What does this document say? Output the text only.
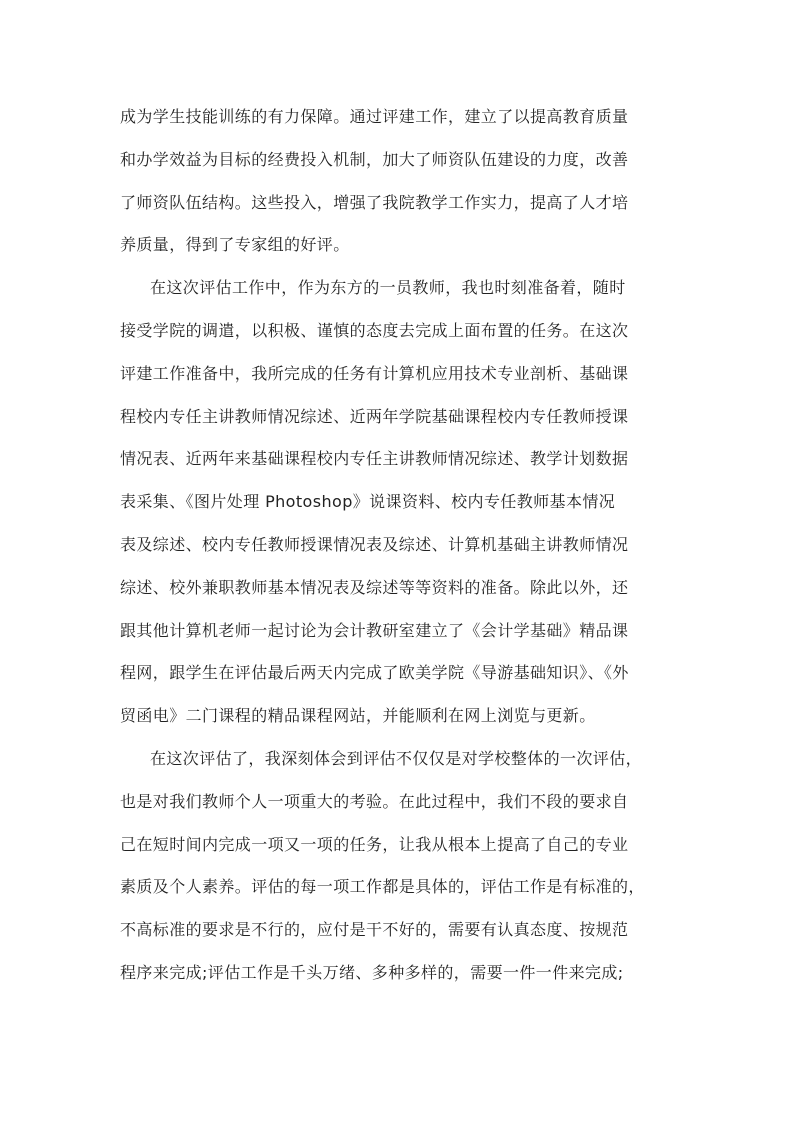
成为学生技能训练的有力保障。通过评建工作，建立了以提高教育质量
和办学效益为目标的经费投入机制，加大了师资队伍建设的力度，改善
了师资队伍结构。这些投入，增强了我院教学工作实力，提高了人才培
养质量，得到了专家组的好评。
在这次评估工作中，作为东方的一员教师，我也时刻准备着，随时
接受学院的调遣，以积极、谨慎的态度去完成上面布置的任务。在这次
评建工作准备中，我所完成的任务有计算机应用技术专业剖析、基础课
程校内专任主讲教师情况综述、近两年学院基础课程校内专任教师授课
情况表、近两年来基础课程校内专任主讲教师情况综述、教学计划数据
表采集、《图片处理 Photoshop》说课资料、校内专任教师基本情况
表及综述、校内专任教师授课情况表及综述、计算机基础主讲教师情况
综述、校外兼职教师基本情况表及综述等等资料的准备。除此以外，还
跟其他计算机老师一起讨论为会计教研室建立了《会计学基础》精品课
程网，跟学生在评估最后两天内完成了欧美学院《导游基础知识》、《外
贸函电》二门课程的精品课程网站，并能顺利在网上浏览与更新。
在这次评估了，我深刻体会到评估不仅仅是对学校整体的一次评估，
也是对我们教师个人一项重大的考验。在此过程中，我们不段的要求自
己在短时间内完成一项又一项的任务，让我从根本上提高了自己的专业
素质及个人素养。评估的每一项工作都是具体的，评估工作是有标准的，
不高标准的要求是不行的，应付是干不好的，需要有认真态度、按规范
程序来完成;评估工作是千头万绪、多种多样的，需要一件一件来完成;
